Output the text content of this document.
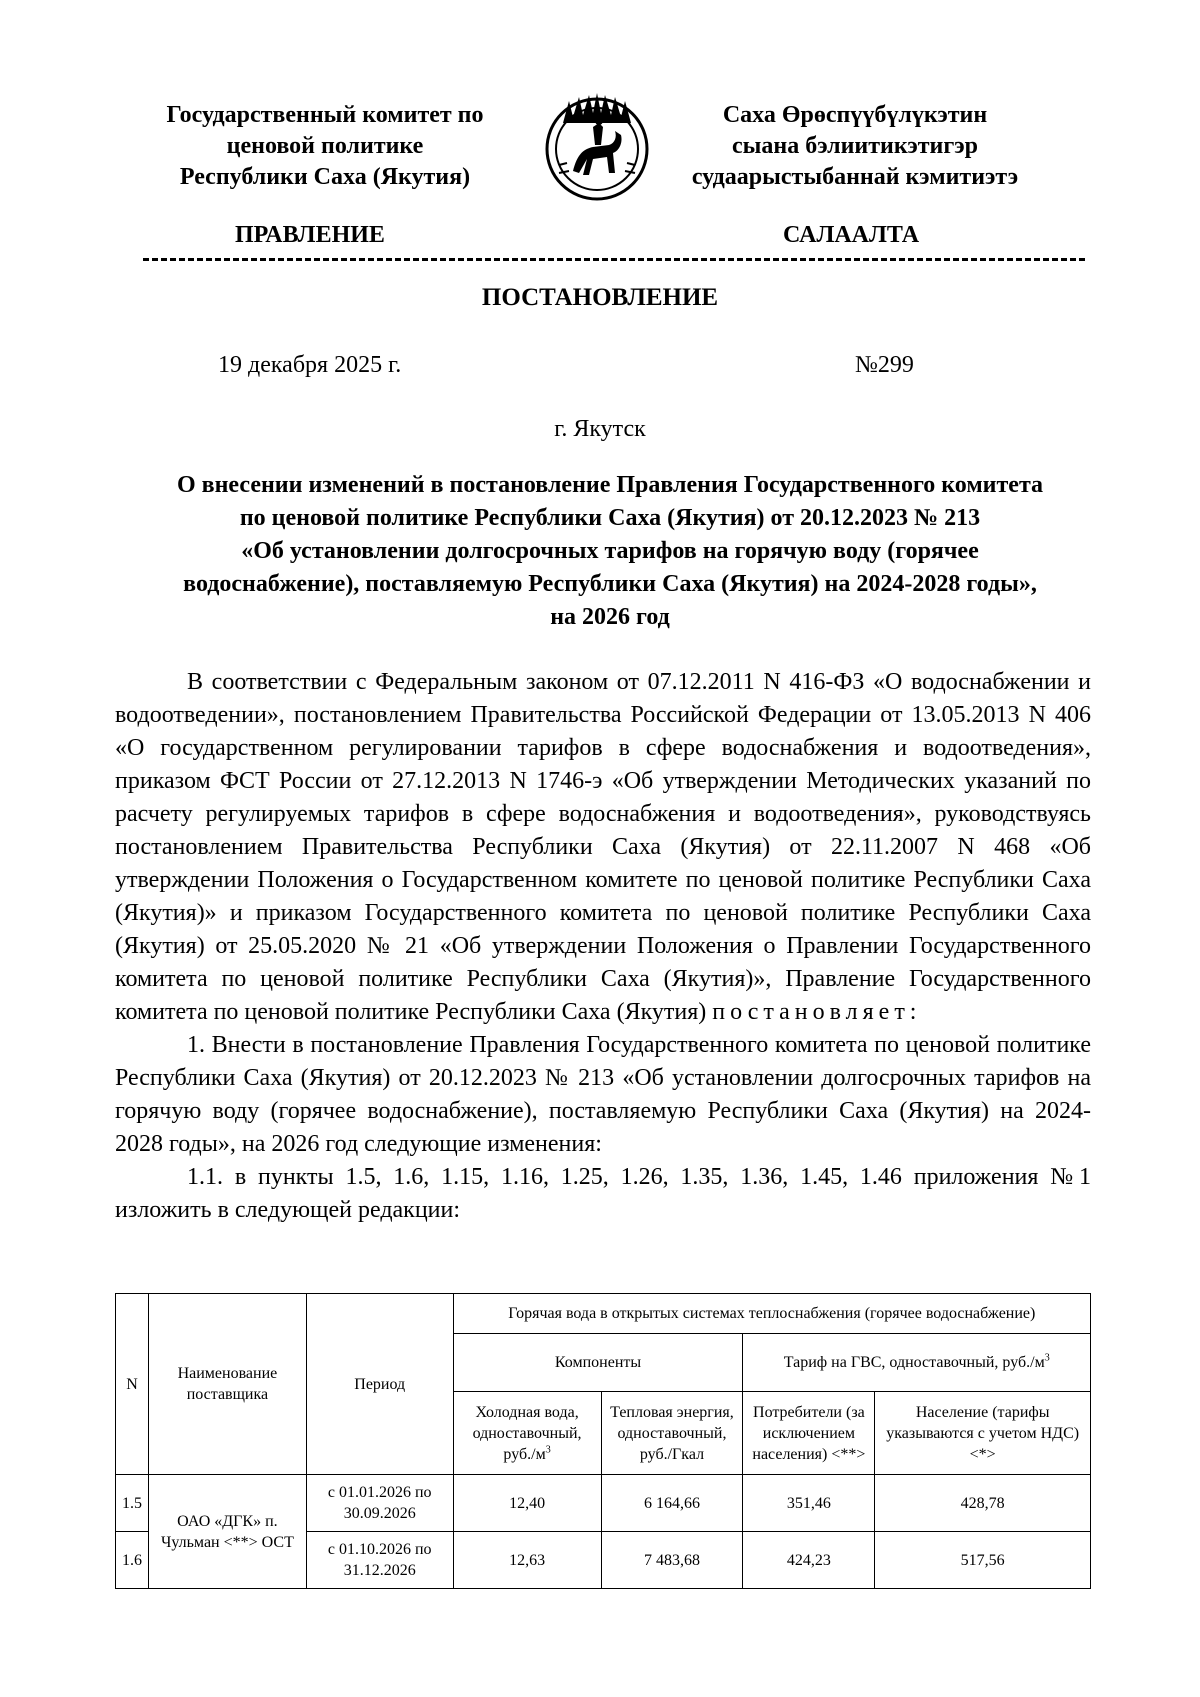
Государственный комитет по
ценовой политике
Республики Саха (Якутия)
Саха Өрөспүүбүлүкэтин
сыана бэлиитикэтигэр
судаарыстыбаннай кэмитиэтэ
ПРАВЛЕНИЕ	САЛААЛТА
ПОСТАНОВЛЕНИЕ
19 декабря 2025 г.	№299
г. Якутск
О внесении изменений в постановление Правления Государственного комитета
по ценовой политике Республики Саха (Якутия) от 20.12.2023 № 213
«Об установлении долгосрочных тарифов на горячую воду (горячее
водоснабжение), поставляемую Республики Саха (Якутия) на 2024-2028 годы»,
на 2026 год

В соответствии с Федеральным законом от 07.12.2011 N 416-ФЗ «О водоснабжении и водоотведении», постановлением Правительства Российской Федерации от 13.05.2013 N 406 «О государственном регулировании тарифов в сфере водоснабжения и водоотведения», приказом ФСТ России от 27.12.2013 N 1746-э «Об утверждении Методических указаний по расчету регулируемых тарифов в сфере водоснабжения и водоотведения», руководствуясь постановлением Правительства Республики Саха (Якутия) от 22.11.2007 N 468 «Об утверждении Положения о Государственном комитете по ценовой политике Республики Саха (Якутия)» и приказом Государственного комитета по ценовой политике Республики Саха (Якутия) от 25.05.2020 № 21 «Об утверждении Положения о Правлении Государственного комитета по ценовой политике Республики Саха (Якутия)», Правление Государственного комитета по ценовой политике Республики Саха (Якутия) постановляет:

1. Внести в постановление Правления Государственного комитета по ценовой политике Республики Саха (Якутия) от 20.12.2023 № 213 «Об установлении долгосрочных тарифов на горячую воду (горячее водоснабжение), поставляемую Республики Саха (Якутия) на 2024-2028 годы», на 2026 год следующие изменения:

1.1. в пункты 1.5, 1.6, 1.15, 1.16, 1.25, 1.26, 1.35, 1.36, 1.45, 1.46 приложения №1 изложить в следующей редакции:

N	Наименование поставщика	Период	Горячая вода в открытых системах теплоснабжения (горячее водоснабжение)			
			Компоненты		Тариф на ГВС, одноставочный, $руб./м^3$
			Холодная вода, одноставочный, $руб./м^3$	Тепловая энергия, одноставочный, руб./Гкал	Потребители (за исключением населения) <**>	Население (тарифы указываются с учетом НДС) <*>
1.5	ОАО «ДГК» п. Чульман <**> ОСТ	с 01.01.2026 по 30.09.2026	12,40	6 164,66	351,46	428,78
1.6		с 01.10.2026 по 31.12.2026	12,63	7 483,68	424,23	517,56
